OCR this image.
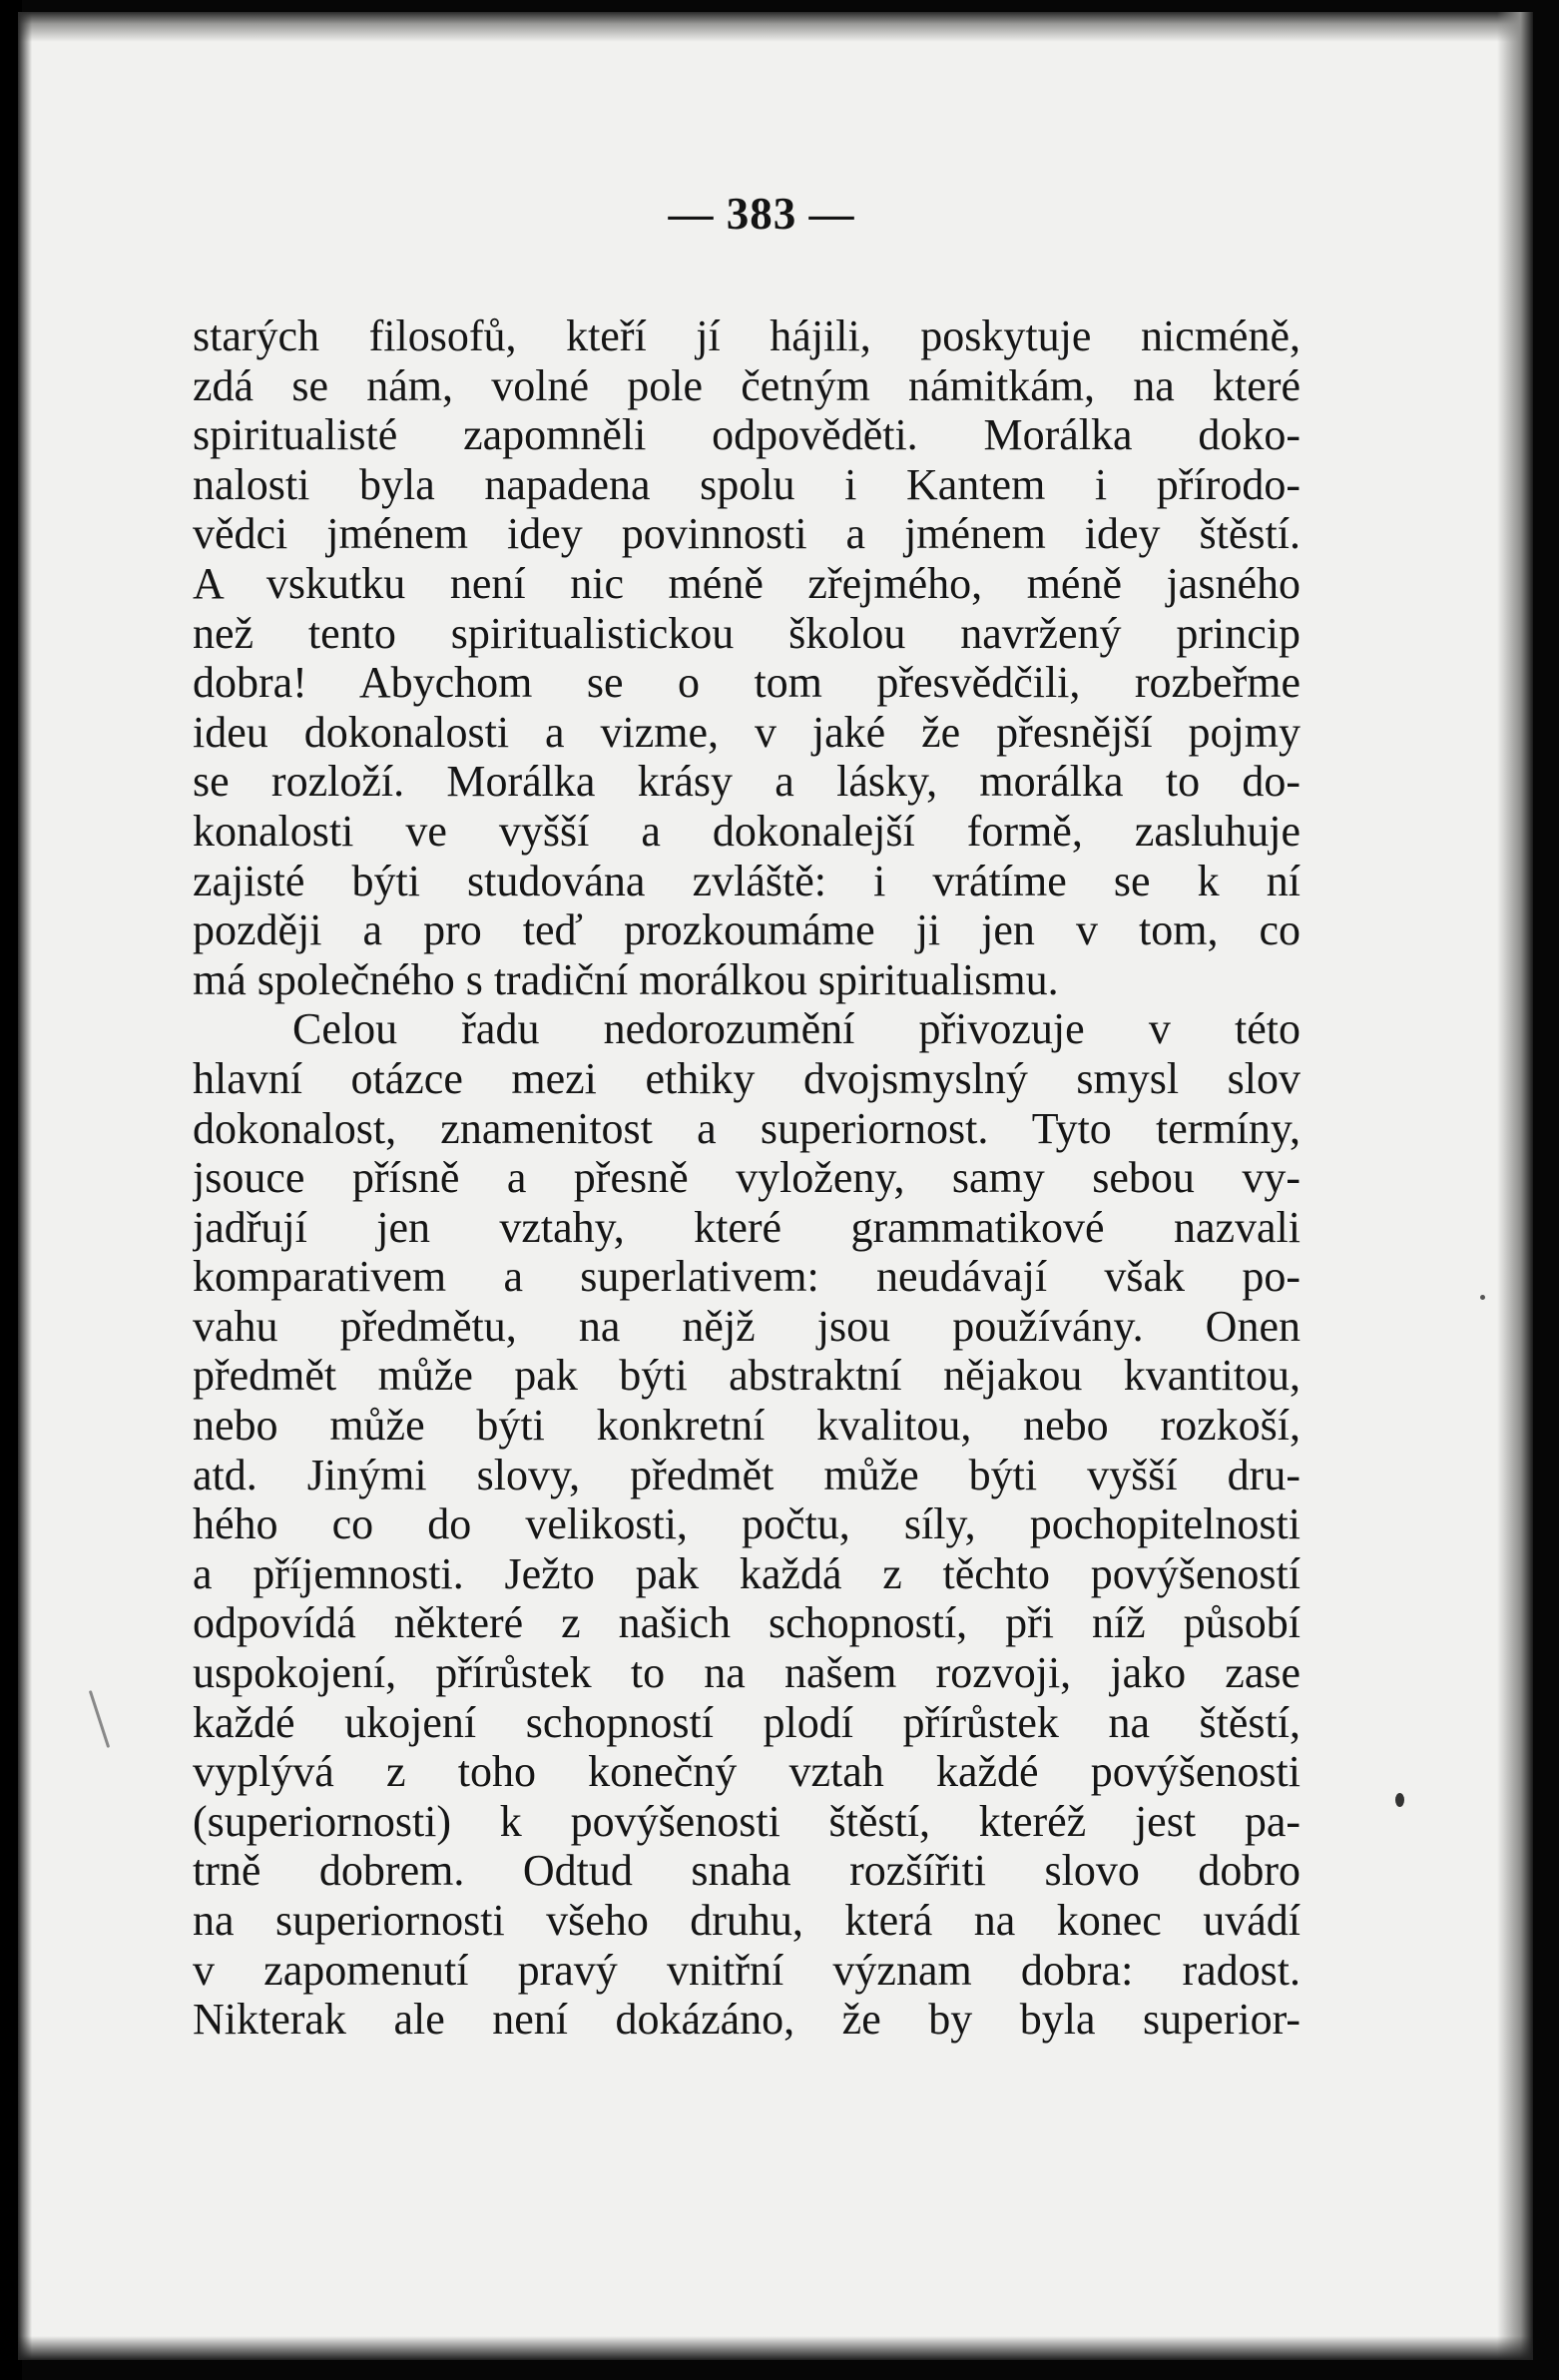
— 383 —
starých filosofů, kteří jí hájili, poskytuje nicméně,
zdá se nám, volné pole četným námitkám, na které
spiritualisté zapomněli odpověděti. Morálka doko-
nalosti byla napadena spolu i Kantem i přírodo-
vědci jménem idey povinnosti a jménem idey štěstí.
A vskutku není nic méně zřejmého, méně jasného
než tento spiritualistickou školou navržený princip
dobra! Abychom se o tom přesvědčili, rozbeřme
ideu dokonalosti a vizme, v jaké že přesnější pojmy
se rozloží. Morálka krásy a lásky, morálka to do-
konalosti ve vyšší a dokonalejší formě, zasluhuje
zajisté býti studována zvláště: i vrátíme se k ní
později a pro teď prozkoumáme ji jen v tom, co
má společného s tradiční morálkou spiritualismu.
Celou řadu nedorozumění přivozuje v této
hlavní otázce mezi ethiky dvojsmyslný smysl slov
dokonalost, znamenitost a superiornost. Tyto termíny,
jsouce přísně a přesně vyloženy, samy sebou vy-
jadřují jen vztahy, které grammatikové nazvali
komparativem a superlativem: neudávají však po-
vahu předmětu, na nějž jsou používány. Onen
předmět může pak býti abstraktní nějakou kvantitou,
nebo může býti konkretní kvalitou, nebo rozkoší,
atd. Jinými slovy, předmět může býti vyšší dru-
hého co do velikosti, počtu, síly, pochopitelnosti
a příjemnosti. Ježto pak každá z těchto povýšeností
odpovídá některé z našich schopností, při níž působí
uspokojení, přírůstek to na našem rozvoji, jako zase
každé ukojení schopností plodí přírůstek na štěstí,
vyplývá z toho konečný vztah každé povýšenosti
(superiornosti) k povýšenosti štěstí, kteréž jest pa-
trně dobrem. Odtud snaha rozšířiti slovo dobro
na superiornosti všeho druhu, která na konec uvádí
v zapomenutí pravý vnitřní význam dobra: radost.
Nikterak ale není dokázáno, že by byla superior-
